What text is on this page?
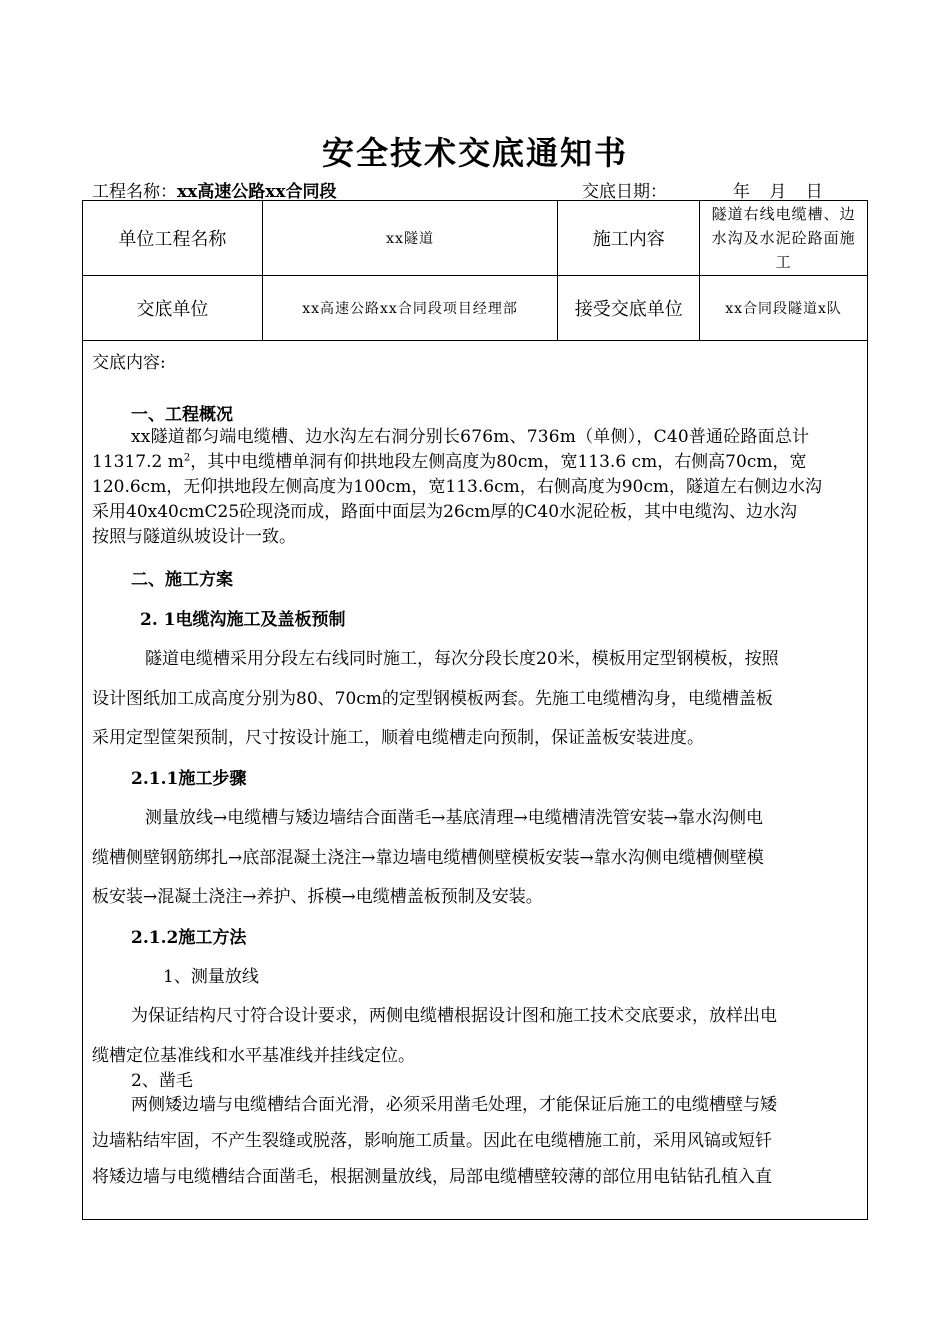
安全技术交底通知书
工程名称：xx高速公路xx合同段	交底日期：	年 月 日
单位工程名称	xx隧道	施工内容	隧道右线电缆槽、边水沟及水泥砼路面施工
交底单位	xx高速公路xx合同段项目经理部	接受交底单位	xx合同段隧道x队
交底内容:
一、工程概况
xx隧道都匀端电缆槽、边水沟左右洞分别长676m、736m（单侧），C40普通砼路面总计
11317.2 $m^2$，其中电缆槽单洞有仰拱地段左侧高度为80cm，宽113.6 cm，右侧高70cm，宽
120.6cm，无仰拱地段左侧高度为100cm，宽113.6cm，右侧高度为90cm，隧道左右侧边水沟
采用40x40cmC25砼现浇而成，路面中面层为26cm厚的C40水泥砼板，其中电缆沟、边水沟
按照与隧道纵坡设计一致。
二、施工方案
2. 1电缆沟施工及盖板预制
隧道电缆槽采用分段左右线同时施工，每次分段长度20米，模板用定型钢模板，按照
设计图纸加工成高度分别为80、70cm的定型钢模板两套。先施工电缆槽沟身，电缆槽盖板
采用定型筐架预制，尺寸按设计施工，顺着电缆槽走向预制，保证盖板安装进度。
2.1.1施工步骤
测量放线→电缆槽与矮边墙结合面凿毛→基底清理→电缆槽清洗管安装→靠水沟侧电
缆槽侧壁钢筋绑扎→底部混凝土浇注→靠边墙电缆槽侧壁模板安装→靠水沟侧电缆槽侧壁模
板安装→混凝土浇注→养护、拆模→电缆槽盖板预制及安装。
2.1.2施工方法
1、测量放线
为保证结构尺寸符合设计要求，两侧电缆槽根据设计图和施工技术交底要求，放样出电
缆槽定位基准线和水平基准线并挂线定位。
2、凿毛
两侧矮边墙与电缆槽结合面光滑，必须采用凿毛处理，才能保证后施工的电缆槽壁与矮
边墙粘结牢固，不产生裂缝或脱落，影响施工质量。因此在电缆槽施工前，采用风镐或短钎
将矮边墙与电缆槽结合面凿毛，根据测量放线，局部电缆槽壁较薄的部位用电钻钻孔植入直
